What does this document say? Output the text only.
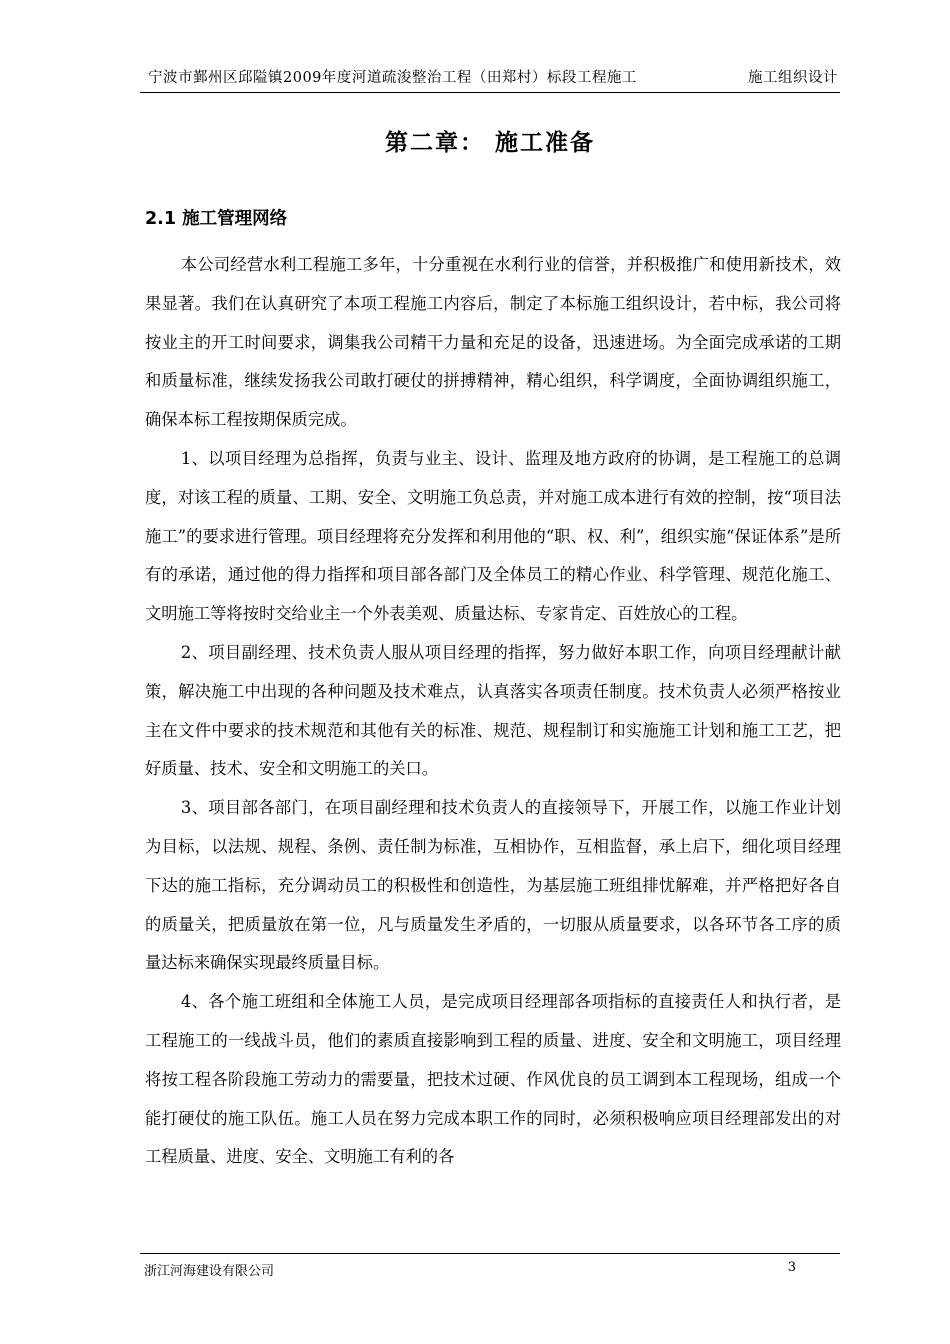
宁波市鄞州区邱隘镇2009年度河道疏浚整治工程（田郑村）标段工程施工	施工组织设计
第二章： 施工准备
2.1 施工管理网络

本公司经营水利工程施工多年，十分重视在水利行业的信誉，并积极推广和使用新技术，效果显著。我们在认真研究了本项工程施工内容后，制定了本标施工组织设计，若中标，我公司将按业主的开工时间要求，调集我公司精干力量和充足的设备，迅速进场。为全面完成承诺的工期和质量标准，继续发扬我公司敢打硬仗的拼搏精神，精心组织，科学调度，全面协调组织施工，确保本标工程按期保质完成。

1、以项目经理为总指挥，负责与业主、设计、监理及地方政府的协调，是工程施工的总调度，对该工程的质量、工期、安全、文明施工负总责，并对施工成本进行有效的控制，按“项目法施工”的要求进行管理。项目经理将充分发挥和利用他的“职、权、利”，组织实施“保证体系”是所有的承诺，通过他的得力指挥和项目部各部门及全体员工的精心作业、科学管理、规范化施工、文明施工等将按时交给业主一个外表美观、质量达标、专家肯定、百姓放心的工程。

2、项目副经理、技术负责人服从项目经理的指挥，努力做好本职工作，向项目经理献计献策，解决施工中出现的各种问题及技术难点，认真落实各项责任制度。技术负责人必须严格按业主在文件中要求的技术规范和其他有关的标准、规范、规程制订和实施施工计划和施工工艺，把好质量、技术、安全和文明施工的关口。

3、项目部各部门，在项目副经理和技术负责人的直接领导下，开展工作，以施工作业计划为目标，以法规、规程、条例、责任制为标准，互相协作，互相监督，承上启下，细化项目经理下达的施工指标，充分调动员工的积极性和创造性，为基层施工班组排忧解难，并严格把好各自的质量关，把质量放在第一位，凡与质量发生矛盾的，一切服从质量要求，以各环节各工序的质量达标来确保实现最终质量目标。

4、各个施工班组和全体施工人员，是完成项目经理部各项指标的直接责任人和执行者，是工程施工的一线战斗员，他们的素质直接影响到工程的质量、进度、安全和文明施工，项目经理将按工程各阶段施工劳动力的需要量，把技术过硬、作风优良的员工调到本工程现场，组成一个能打硬仗的施工队伍。施工人员在努力完成本职工作的同时，必须积极响应项目经理部发出的对工程质量、进度、安全、文明施工有利的各

浙江河海建设有限公司	3
